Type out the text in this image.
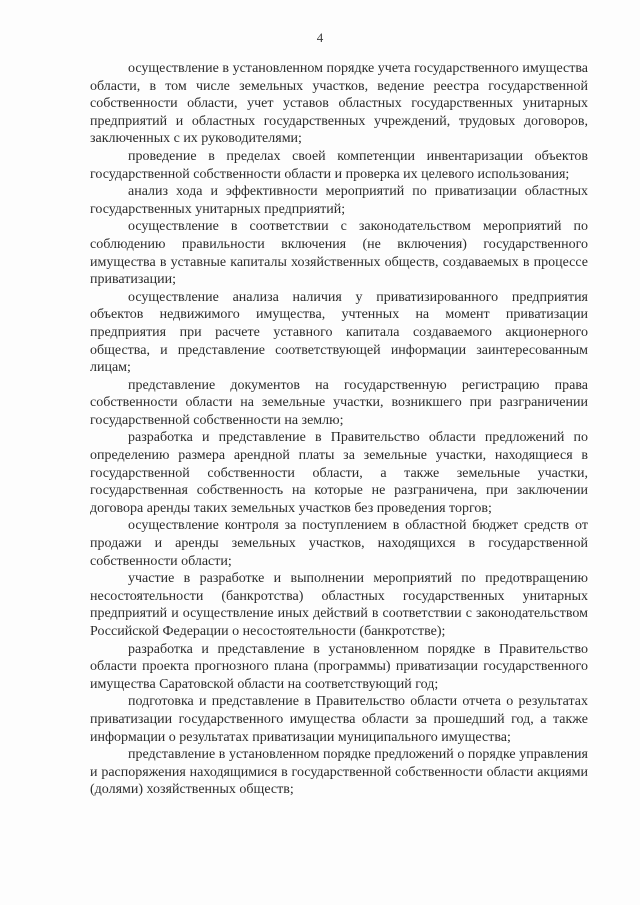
4

осуществление в установленном порядке учета государственного имущества области, в том числе земельных участков, ведение реестра государственной собственности области, учет уставов областных государственных унитарных предприятий и областных государственных учреждений, трудовых договоров, заключенных с их руководителями;

проведение в пределах своей компетенции инвентаризации объектов государственной собственности области и проверка их целевого использования;

анализ хода и эффективности мероприятий по приватизации областных государственных унитарных предприятий;

осуществление в соответствии с законодательством мероприятий по соблюдению правильности включения (не включения) государственного имущества в уставные капиталы хозяйственных обществ, создаваемых в процессе приватизации;

осуществление анализа наличия у приватизированного предприятия объектов недвижимого имущества, учтенных на момент приватизации предприятия при расчете уставного капитала создаваемого акционерного общества, и представление соответствующей информации заинтересованным лицам;

представление документов на государственную регистрацию права собственности области на земельные участки, возникшего при разграничении государственной собственности на землю;

разработка и представление в Правительство области предложений по определению размера арендной платы за земельные участки, находящиеся в государственной собственности области, а также земельные участки, государственная собственность на которые не разграничена, при заключении договора аренды таких земельных участков без проведения торгов;

осуществление контроля за поступлением в областной бюджет средств от продажи и аренды земельных участков, находящихся в государственной собственности области;

участие в разработке и выполнении мероприятий по предотвращению несостоятельности (банкротства) областных государственных унитарных предприятий и осуществление иных действий в соответствии с законодательством Российской Федерации о несостоятельности (банкротстве);

разработка и представление в установленном порядке в Правительство области проекта прогнозного плана (программы) приватизации государственного имущества Саратовской области на соответствующий год;

подготовка и представление в Правительство области отчета о результатах приватизации государственного имущества области за прошедший год, а также информации о результатах приватизации муниципального имущества;

представление в установленном порядке предложений о порядке управления и распоряжения находящимися в государственной собственности области акциями (долями) хозяйственных обществ;
